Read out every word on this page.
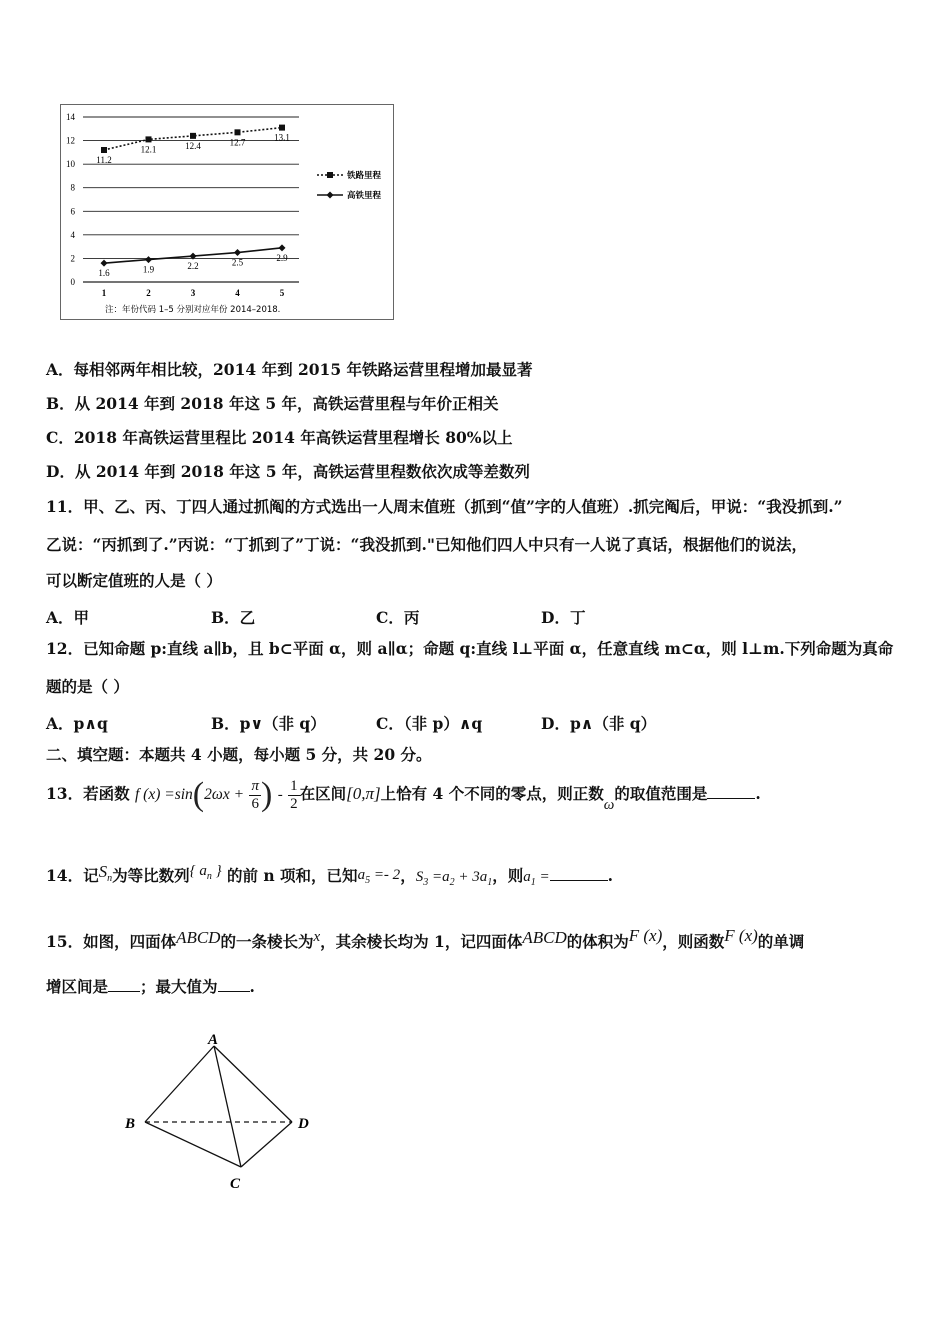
0
2
4
6
8
10
12
14
1	2	3	4	5
11.2
12.1	12.4	12.7	13.1
铁路里程
1.6	1.9	2.2	2.5	2.9
高铁里程
注：年份代码 1–5 分别对应年份 2014–2018.
A．每相邻两年相比较，2014 年到 2015 年铁路运营里程增加最显著
B．从 2014 年到 2018 年这 5 年，高铁运营里程与年价正相关
C．2018 年高铁运营里程比 2014 年高铁运营里程增长 80%以上
D．从 2014 年到 2018 年这 5 年，高铁运营里程数依次成等差数列
11．甲、乙、丙、丁四人通过抓阄的方式选出一人周末值班（抓到“值”字的人值班）.抓完阄后，甲说：“我没抓到.”
乙说：“丙抓到了.”丙说：“丁抓到了”丁说：“我没抓到."已知他们四人中只有一人说了真话，根据他们的说法，
可以断定值班的人是（ ）
A．甲	B．乙	C．丙	D．丁
12．已知命题 p:直线 a∥b，且 b⊂平面 α，则 a∥α；命题 q:直线 l⊥平面 α，任意直线 m⊂α，则 l⊥m.下列命题为真命
题的是（ ）
A．p∧q	B．p∨（非 q）	C．（非 p）∧q	D．p∧（非 q）
二、填空题：本题共 4 小题，每小题 5 分，共 20 分。
13．若函数 f $(x) =\sin(2\omega x + \frac{\pi}{6}$ ) - $\frac{1}{2}$ 在区间[0,π]上恰有 4 个不同的零点，则正数ω的取值范围是	.
14．记$S_n$为等比数列{ $a_n$ } 的前 n 项和，已知$a_5 =- 2$，$S_3 =a_2 + 3a_1$，则$a_1$ =	.
15．如图，四面体ABCD的一条棱长为x，其余棱长均为 1，记四面体ABCD的体积为F (x)，则函数F (x)的单调
增区间是 ；最大值为 .
A
B
C
D
